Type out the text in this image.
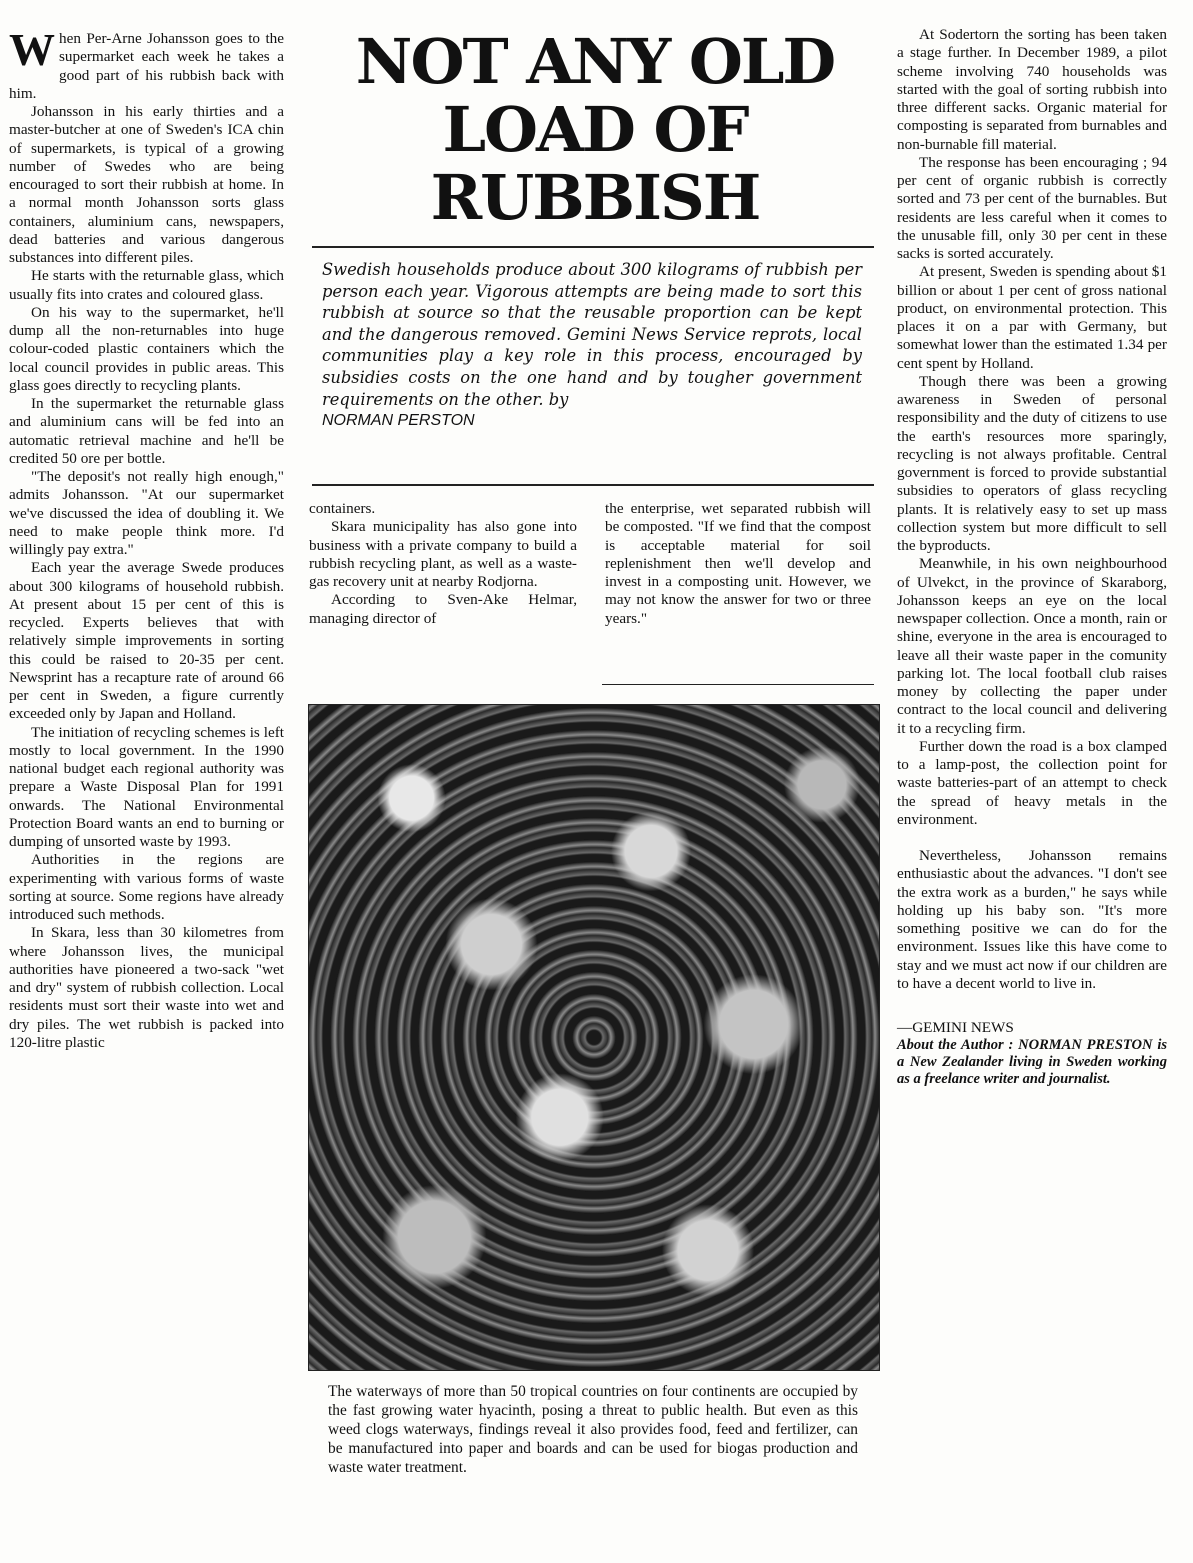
When Per-Arne Johansson goes to the supermarket each week he takes a good part of his rubbish back with him.

Johansson in his early thirties and a master-butcher at one of Sweden's ICA chin of supermarkets, is typical of a growing number of Swedes who are being encouraged to sort their rubbish at home. In a normal month Johansson sorts glass containers, aluminium cans, newspapers, dead batteries and various dangerous substances into different piles.

He starts with the returnable glass, which usually fits into crates and coloured glass.

On his way to the supermarket, he'll dump all the non-returnables into huge colour-coded plastic containers which the local council provides in public areas. This glass goes directly to recycling plants.

In the supermarket the returnable glass and aluminium cans will be fed into an automatic retrieval machine and he'll be credited 50 ore per bottle.

"The deposit's not really high enough," admits Johansson. "At our supermarket we've discussed the idea of doubling it. We need to make people think more. I'd willingly pay extra."

Each year the average Swede produces about 300 kilograms of household rubbish. At present about 15 per cent of this is recycled. Experts believes that with relatively simple improvements in sorting this could be raised to 20-35 per cent. Newsprint has a recapture rate of around 66 per cent in Sweden, a figure currently exceeded only by Japan and Holland.

The initiation of recycling schemes is left mostly to local government. In the 1990 national budget each regional authority was prepare a Waste Disposal Plan for 1991 onwards. The National Environmental Protection Board wants an end to burning or dumping of unsorted waste by 1993.

Authorities in the regions are experimenting with various forms of waste sorting at source. Some regions have already introduced such methods.

In Skara, less than 30 kilometres from where Johansson lives, the municipal authorities have pioneered a two-sack "wet and dry" system of rubbish collection. Local residents must sort their waste into wet and dry piles. The wet rubbish is packed into 120-litre plastic

NOT ANY OLD LOAD OF RUBBISH

Swedish households produce about 300 kilograms of rubbish per person each year. Vigorous attempts are being made to sort this rubbish at source so that the reusable proportion can be kept and the dangerous removed. Gemini News Service reprots, local communities play a key role in this process, encouraged by subsidies costs on the one hand and by tougher government requirements on the other. by
NORMAN PERSTON

containers.

Skara municipality has also gone into business with a private company to build a rubbish recycling plant, as well as a waste-gas recovery unit at nearby Rodjorna.

According to Sven-Ake Helmar, managing director of

the enterprise, wet separated rubbish will be composted. "If we find that the compost is acceptable material for soil replenishment then we'll develop and invest in a composting unit. However, we may not know the answer for two or three years."

The waterways of more than 50 tropical countries on four continents are occupied by the fast growing water hyacinth, posing a threat to public health. But even as this weed clogs waterways, findings reveal it also provides food, feed and fertilizer, can be manufactured into paper and boards and can be used for biogas production and waste water treatment.

At Sodertorn the sorting has been taken a stage further. In December 1989, a pilot scheme involving 740 households was started with the goal of sorting rubbish into three different sacks. Organic material for composting is separated from burnables and non-burnable fill material.

The response has been encouraging ; 94 per cent of organic rubbish is correctly sorted and 73 per cent of the burnables. But residents are less careful when it comes to the unusable fill, only 30 per cent in these sacks is sorted accurately.

At present, Sweden is spending about $1 billion or about 1 per cent of gross national product, on environmental protection. This places it on a par with Germany, but somewhat lower than the estimated 1.34 per cent spent by Holland.

Though there was been a growing awareness in Sweden of personal responsibility and the duty of citizens to use the earth's resources more sparingly, recycling is not always profitable. Central government is forced to provide substantial subsidies to operators of glass recycling plants. It is relatively easy to set up mass collection system but more difficult to sell the byproducts.

Meanwhile, in his own neighbourhood of Ulvekct, in the province of Skaraborg, Johansson keeps an eye on the local newspaper collection. Once a month, rain or shine, everyone in the area is encouraged to leave all their waste paper in the comunity parking lot. The local football club raises money by collecting the paper under contract to the local council and delivering it to a recycling firm.

Further down the road is a box clamped to a lamp-post, the collection point for waste batteries-part of an attempt to check the spread of heavy metals in the environment.

Nevertheless, Johansson remains enthusiastic about the advances. "I don't see the extra work as a burden," he says while holding up his baby son. "It's more something positive we can do for the environment. Issues like this have come to stay and we must act now if our children are to have a decent world to live in.

—GEMINI NEWS

About the Author : NORMAN PRESTON is a New Zealander living in Sweden working as a freelance writer and journalist.
